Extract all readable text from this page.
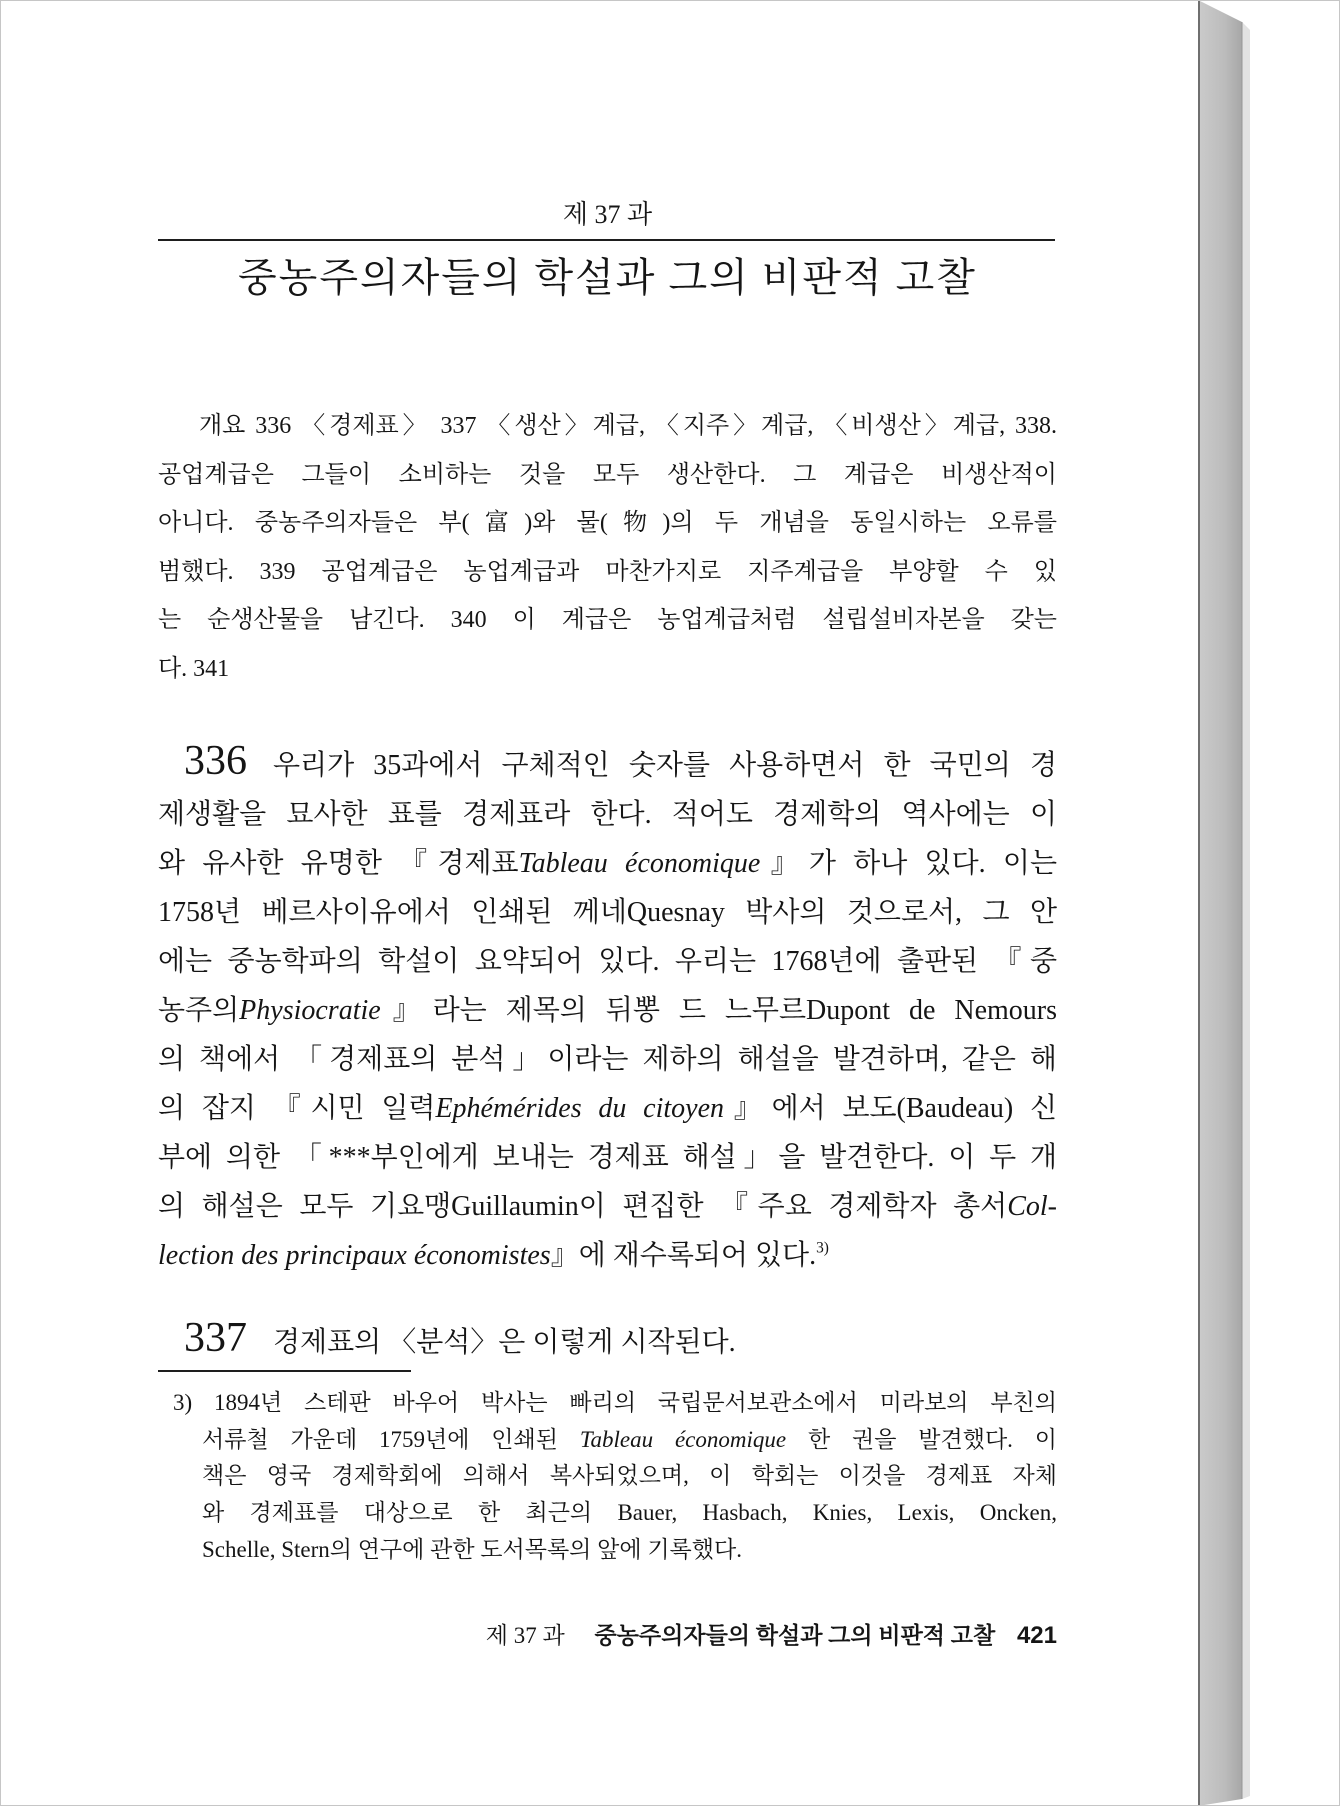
제 37 과
중농주의자들의 학설과 그의 비판적 고찰
개요 336 〈경제표〉 337 〈생산〉계급, 〈지주〉계급, 〈비생산〉계급, 338.
공업계급은 그들이 소비하는 것을 모두 생산한다. 그 계급은 비생산적이
아니다. 중농주의자들은 부(富)와 물(物)의 두 개념을 동일시하는 오류를
범했다. 339 공업계급은 농업계급과 마찬가지로 지주계급을 부양할 수 있
는 순생산물을 남긴다. 340 이 계급은 농업계급처럼 설립설비자본을 갖는
다. 341
336 우리가 35과에서 구체적인 숫자를 사용하면서 한 국민의 경
제생활을 묘사한 표를 경제표라 한다. 적어도 경제학의 역사에는 이
와 유사한 유명한 『경제표Tableau économique』가 하나 있다. 이는
1758년 베르사이유에서 인쇄된 께네Quesnay 박사의 것으로서, 그 안
에는 중농학파의 학설이 요약되어 있다. 우리는 1768년에 출판된 『중
농주의Physiocratie』라는 제목의 뒤뽕 드 느무르Dupont de Nemours
의 책에서 「경제표의 분석」이라는 제하의 해설을 발견하며, 같은 해
의 잡지 『시민 일력Ephémérides du citoyen』에서 보도(Baudeau) 신
부에 의한 「***부인에게 보내는 경제표 해설」을 발견한다. 이 두 개
의 해설은 모두 기요맹Guillaumin이 편집한 『주요 경제학자 총서Col-
lection des principaux économistes』에 재수록되어 있다.$^{3)}$
337 경제표의 〈분석〉은 이렇게 시작된다.
3) 1894년 스테판 바우어 박사는 빠리의 국립문서보관소에서 미라보의 부친의
서류철 가운데 1759년에 인쇄된 Tableau économique 한 권을 발견했다. 이
책은 영국 경제학회에 의해서 복사되었으며, 이 학회는 이것을 경제표 자체
와 경제표를 대상으로 한 최근의 Bauer, Hasbach, Knies, Lexis, Oncken,
Schelle, Stern의 연구에 관한 도서목록의 앞에 기록했다.
제 37 과 중농주의자들의 학설과 그의 비판적 고찰 421
